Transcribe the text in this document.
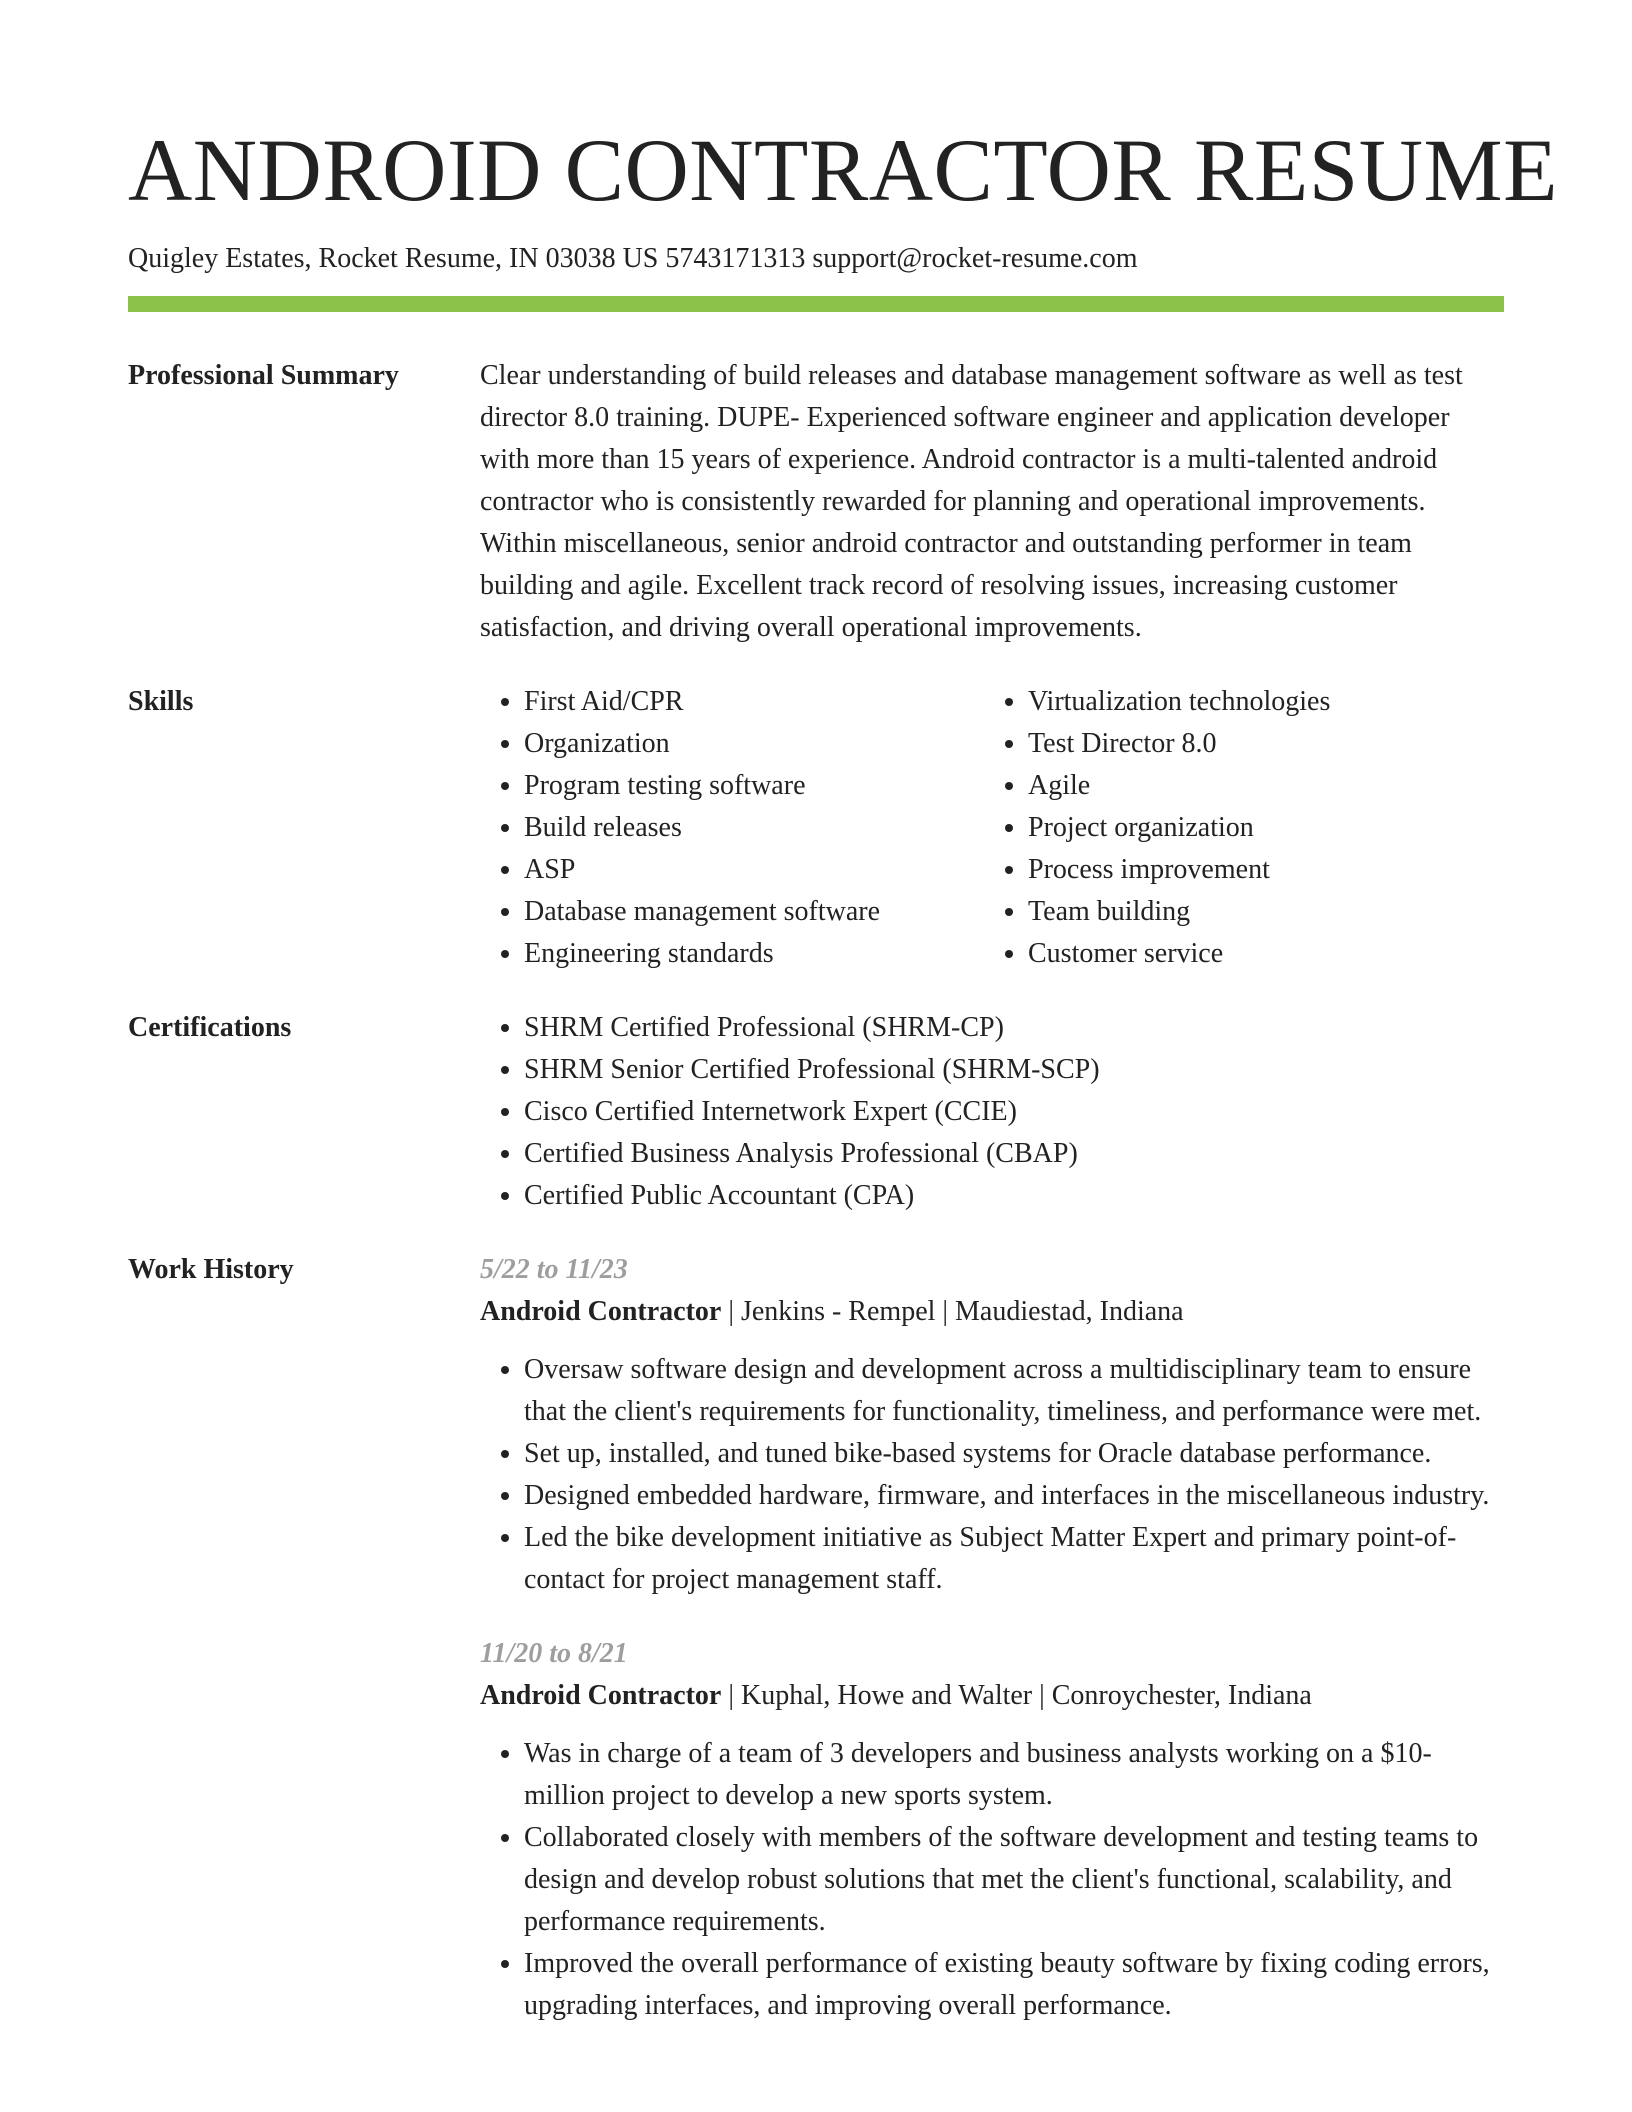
ANDROID CONTRACTOR RESUME
Quigley Estates, Rocket Resume, IN 03038 US 5743171313 support@rocket-resume.com
Professional Summary	Clear understanding of build releases and database management software as well as test director 8.0 training. DUPE- Experienced software engineer and application developer with more than 15 years of experience. Android contractor is a multi-talented android contractor who is consistently rewarded for planning and operational improvements. Within miscellaneous, senior android contractor and outstanding performer in team building and agile. Excellent track record of resolving issues, increasing customer satisfaction, and driving overall operational improvements.
Skills	• First Aid/CPR
• Organization
• Program testing software
• Build releases
• ASP
• Database management software
• Engineering standards
• Virtualization technologies
• Test Director 8.0
• Agile
• Project organization
• Process improvement
• Team building
• Customer service
Certifications	• SHRM Certified Professional (SHRM-CP)
• SHRM Senior Certified Professional (SHRM-SCP)
• Cisco Certified Internetwork Expert (CCIE)
• Certified Business Analysis Professional (CBAP)
• Certified Public Accountant (CPA)
Work History	5/22 to 11/23
Android Contractor | Jenkins - Rempel | Maudiestad, Indiana
• Oversaw software design and development across a multidisciplinary team to ensure that the client's requirements for functionality, timeliness, and performance were met.
• Set up, installed, and tuned bike-based systems for Oracle database performance.
• Designed embedded hardware, firmware, and interfaces in the miscellaneous industry.
• Led the bike development initiative as Subject Matter Expert and primary point-of-contact for project management staff.
11/20 to 8/21
Android Contractor | Kuphal, Howe and Walter | Conroychester, Indiana
• Was in charge of a team of 3 developers and business analysts working on a $10-million project to develop a new sports system.
• Collaborated closely with members of the software development and testing teams to design and develop robust solutions that met the client's functional, scalability, and performance requirements.
• Improved the overall performance of existing beauty software by fixing coding errors, upgrading interfaces, and improving overall performance.
